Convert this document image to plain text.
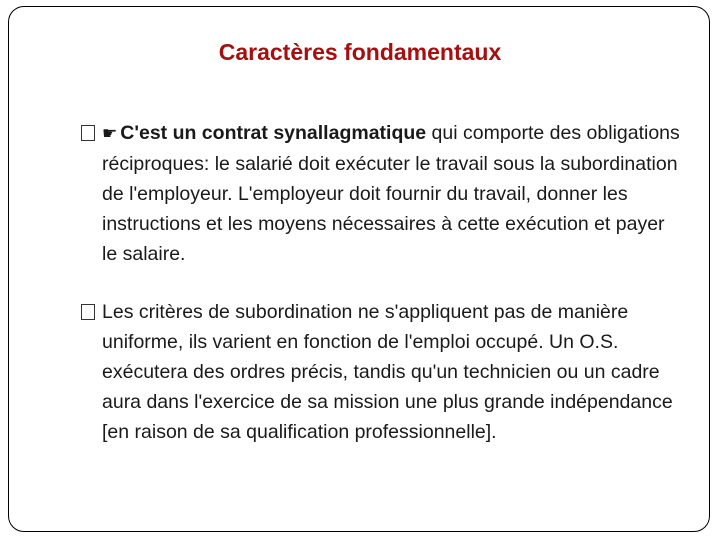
Caractères fondamentaux
☛ C'est un contrat synallagmatique qui comporte des obligations réciproques: le salarié doit exécuter le travail sous la subordination de l'employeur. L'employeur doit fournir du travail, donner les instructions et les moyens nécessaires à cette exécution et payer le salaire.
Les critères de subordination ne s'appliquent pas de manière uniforme, ils varient en fonction de l'emploi occupé. Un O.S. exécutera des ordres précis, tandis qu'un technicien ou un cadre aura dans l'exercice de sa mission une plus grande indépendance [en raison de sa qualification professionnelle].
